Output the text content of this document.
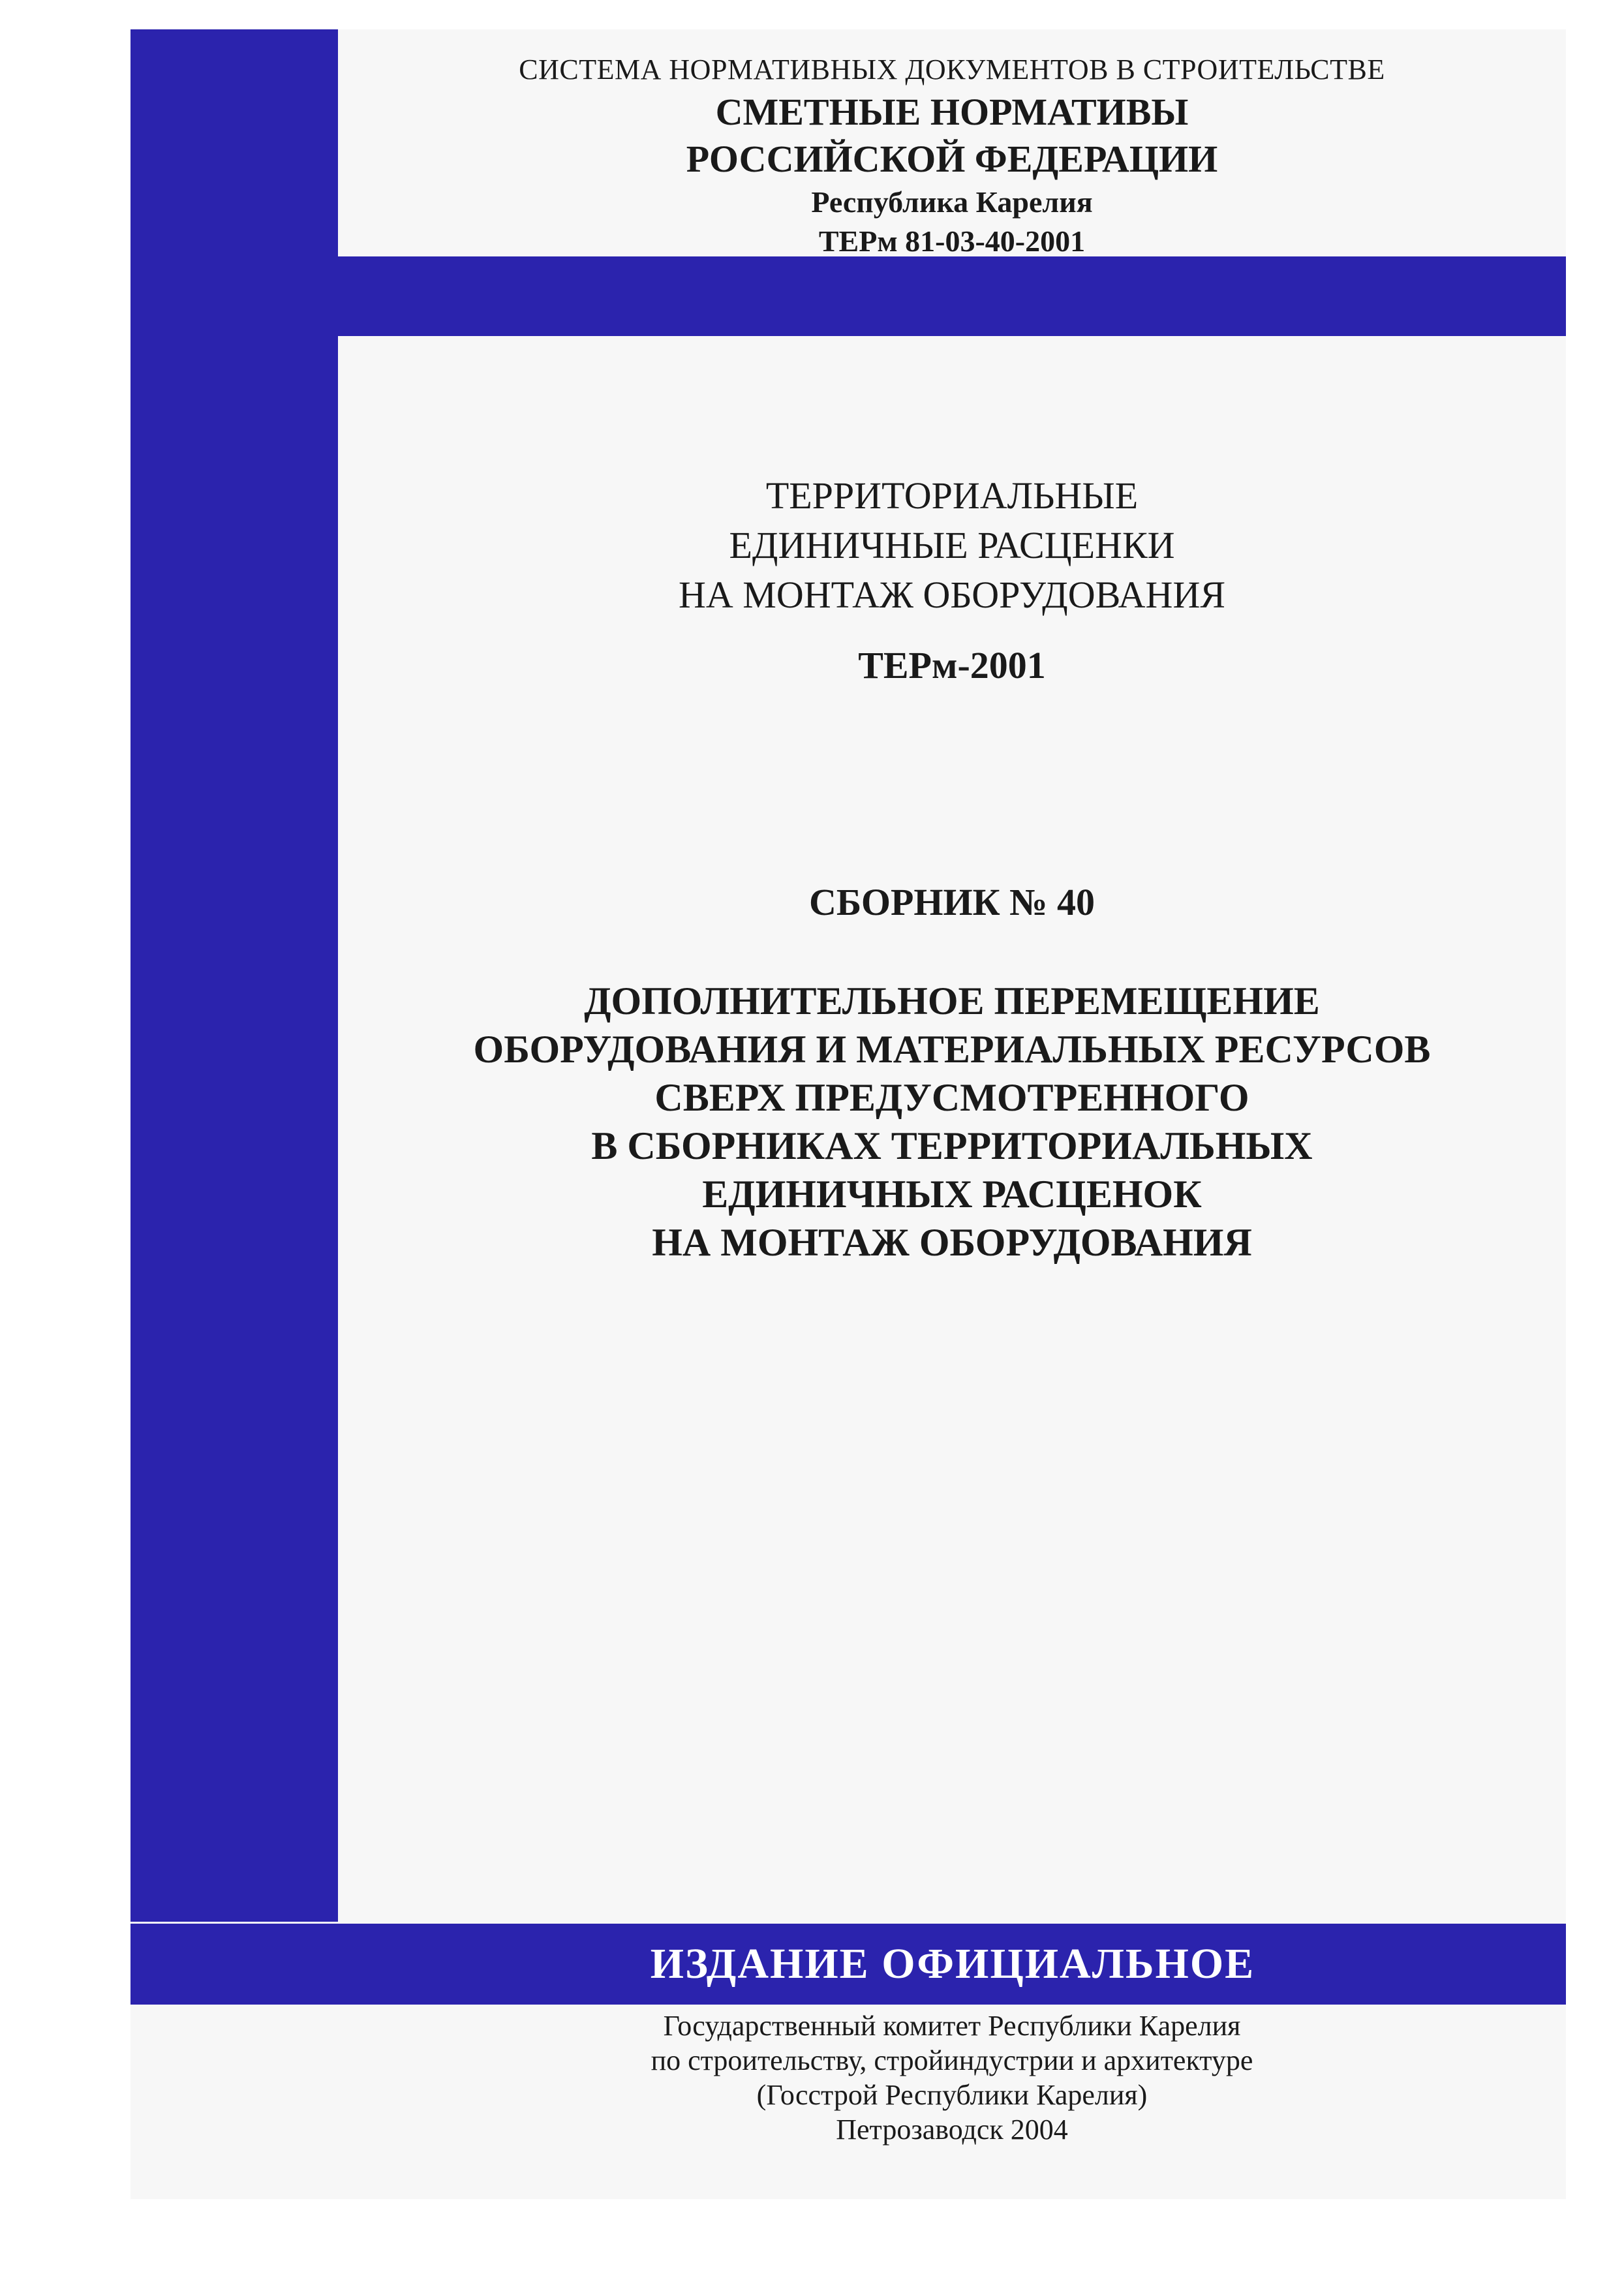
СИСТЕМА НОРМАТИВНЫХ ДОКУМЕНТОВ В СТРОИТЕЛЬСТВЕ
СМЕТНЫЕ НОРМАТИВЫ
РОССИЙСКОЙ ФЕДЕРАЦИИ
Республика Карелия
ТЕРм 81-03-40-2001
ТЕРРИТОРИАЛЬНЫЕ
ЕДИНИЧНЫЕ РАСЦЕНКИ
НА МОНТАЖ ОБОРУДОВАНИЯ
ТЕРм-2001
СБОРНИК № 40
ДОПОЛНИТЕЛЬНОЕ ПЕРЕМЕЩЕНИЕ
ОБОРУДОВАНИЯ И МАТЕРИАЛЬНЫХ РЕСУРСОВ
СВЕРХ ПРЕДУСМОТРЕННОГО
В СБОРНИКАХ ТЕРРИТОРИАЛЬНЫХ
ЕДИНИЧНЫХ РАСЦЕНОК
НА МОНТАЖ ОБОРУДОВАНИЯ
ИЗДАНИЕ ОФИЦИАЛЬНОЕ
Государственный комитет Республики Карелия
по строительству, стройиндустрии и архитектуре
(Госстрой Республики Карелия)
Петрозаводск 2004
